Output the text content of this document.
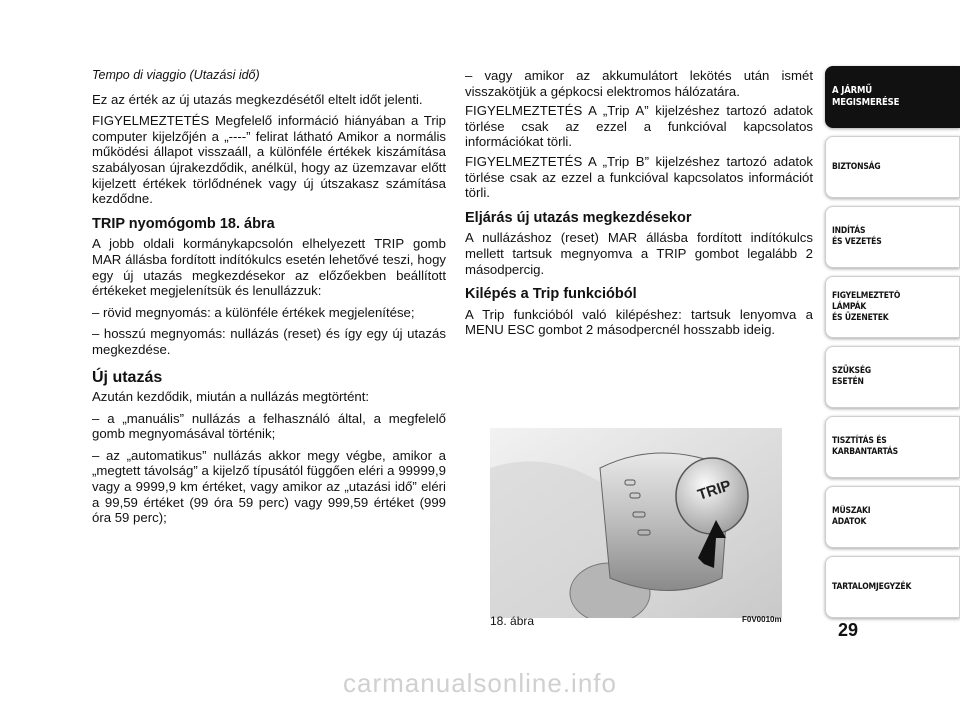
Tempo di viaggio (Utazási idő)

Ez az érték az új utazás megkezdésétől eltelt időt jelenti.

FIGYELMEZTETÉS Megfelelő információ hiányában a Trip computer kijelzőjén a „----” felirat látható Amikor a normális működési állapot visszaáll, a különféle értékek kiszámítása szabályosan újrakezdődik, anélkül, hogy az üzemzavar előtt kijelzett értékek törlődnének vagy új útszakasz számítása kezdődne.

TRIP nyomógomb 18. ábra

A jobb oldali kormánykapcsolón elhelyezett TRIP gomb MAR állásba fordított indítókulcs esetén lehetővé teszi, hogy egy új utazás megkezdésekor az előzőekben beállított értékeket megjelenítsük és lenullázzuk:

– rövid megnyomás: a különféle értékek megjelenítése;

– hosszú megnyomás: nullázás (reset) és így egy új utazás megkezdése.

Új utazás

Azután kezdődik, miután a nullázás megtörtént:

– a „manuális” nullázás a felhasználó által, a megfelelő gomb megnyomásával történik;

– az „automatikus” nullázás akkor megy végbe, amikor a „megtett távolság” a kijelző típusától függően eléri a 99999,9 vagy a 9999,9 km értéket, vagy amikor az „utazási idő” eléri a 99,59 értéket (99 óra 59 perc) vagy 999,59 értéket (999 óra 59 perc);

– vagy amikor az akkumulátort lekötés után ismét visszakötjük a gépkocsi elektromos hálózatára.

FIGYELMEZTETÉS A „Trip A” kijelzéshez tartozó adatok törlése csak az ezzel a funkcióval kapcsolatos információkat törli.

FIGYELMEZTETÉS A „Trip B” kijelzéshez tartozó adatok törlése csak az ezzel a funkcióval kapcsolatos információt törli.

Eljárás új utazás megkezdésekor

A nullázáshoz (reset) MAR állásba fordított indítókulcs mellett tartsuk megnyomva a TRIP gombot legalább 2 másodpercig.

Kilépés a Trip funkcióból

A Trip funkcióból való kilépéshez: tartsuk lenyomva a MENU ESC gombot 2 másodpercnél hosszabb ideig.

TRIP
18. ábra	F0V0010m
A JÁRMŰ
MEGISMERÉSE
BIZTONSÁG
INDÍTÁS
ÉS VEZETÉS
FIGYELMEZTETŐ
LÁMPÁK
ÉS ÜZENETEK
SZÜKSÉG
ESETÉN
TISZTÍTÁS ÉS
KARBANTARTÁS
MŰSZAKI
ADATOK
TARTALOMJEGYZÉK
29
carmanualsonline.info
